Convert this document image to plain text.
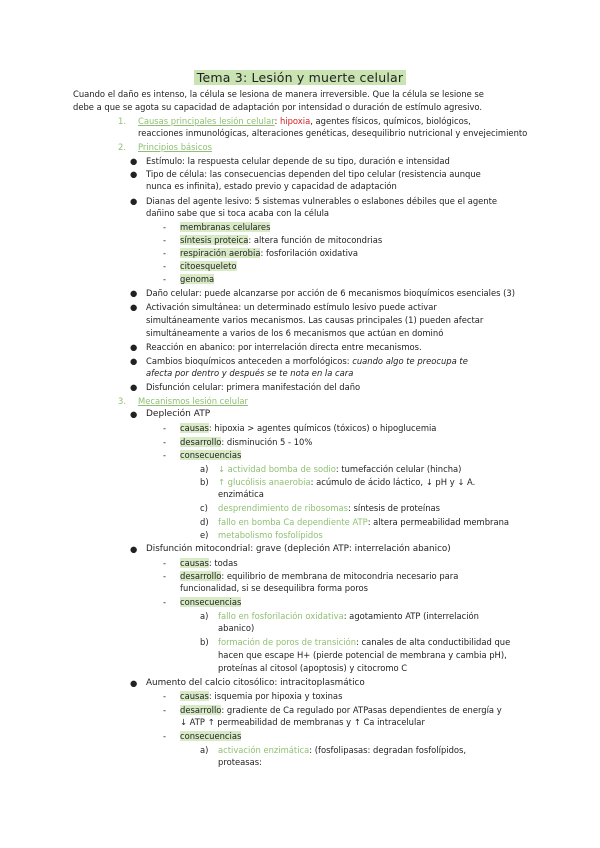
Tema 3: Lesión y muerte celular
Cuando el daño es intenso, la célula se lesiona de manera irreversible. Que la célula se lesione se
debe a que se agota su capacidad de adaptación por intensidad o duración de estímulo agresivo.
1. Causas principales lesión celular: hipoxia, agentes físicos, químicos, biológicos,
reacciones inmunológicas, alteraciones genéticas, desequilibrio nutricional y envejecimiento
2. Principios básicos
● Estímulo: la respuesta celular depende de su tipo, duración e intensidad
● Tipo de célula: las consecuencias dependen del tipo celular (resistencia aunque
nunca es infinita), estado previo y capacidad de adaptación
● Dianas del agente lesivo: 5 sistemas vulnerables o eslabones débiles que el agente
dañino sabe que si toca acaba con la célula
- membranas celulares
- síntesis proteica: altera función de mitocondrias
- respiración aerobia: fosforilación oxidativa
- citoesqueleto
- genoma
● Daño celular: puede alcanzarse por acción de 6 mecanismos bioquímicos esenciales (3)
● Activación simultánea: un determinado estímulo lesivo puede activar
simultáneamente varios mecanismos. Las causas principales (1) pueden afectar
simultáneamente a varios de los 6 mecanismos que actúan en dominó
● Reacción en abanico: por interrelación directa entre mecanismos.
● Cambios bioquímicos anteceden a morfológicos: cuando algo te preocupa te
afecta por dentro y después se te nota en la cara
● Disfunción celular: primera manifestación del daño
3. Mecanismos lesión celular
● Depleción ATP
- causas: hipoxia > agentes químicos (tóxicos) o hipoglucemia
- desarrollo: disminución 5 - 10%
- consecuencias
a) ↓ actividad bomba de sodio: tumefacción celular (hincha)
b) ↑ glucólisis anaerobia: acúmulo de ácido láctico, ↓ pH y ↓ A.
enzimática
c) desprendimiento de ribosomas: síntesis de proteínas
d) fallo en bomba Ca dependiente ATP: altera permeabilidad membrana
e) metabolismo fosfolípidos
● Disfunción mitocondrial: grave (depleción ATP: interrelación abanico)
- causas: todas
- desarrollo: equilibrio de membrana de mitocondria necesario para
funcionalidad, si se desequilibra forma poros
- consecuencias
a) fallo en fosforilación oxidativa: agotamiento ATP (interrelación
abanico)
b) formación de poros de transición: canales de alta conductibilidad que
hacen que escape H+ (pierde potencial de membrana y cambia pH),
proteínas al citosol (apoptosis) y citocromo C
● Aumento del calcio citosólico: intracitoplasmático
- causas: isquemia por hipoxia y toxinas
- desarrollo: gradiente de Ca regulado por ATPasas dependientes de energía y
↓ ATP ↑ permeabilidad de membranas y ↑ Ca intracelular
- consecuencias
a) activación enzimática: (fosfolipasas: degradan fosfolípidos,
proteasas:
